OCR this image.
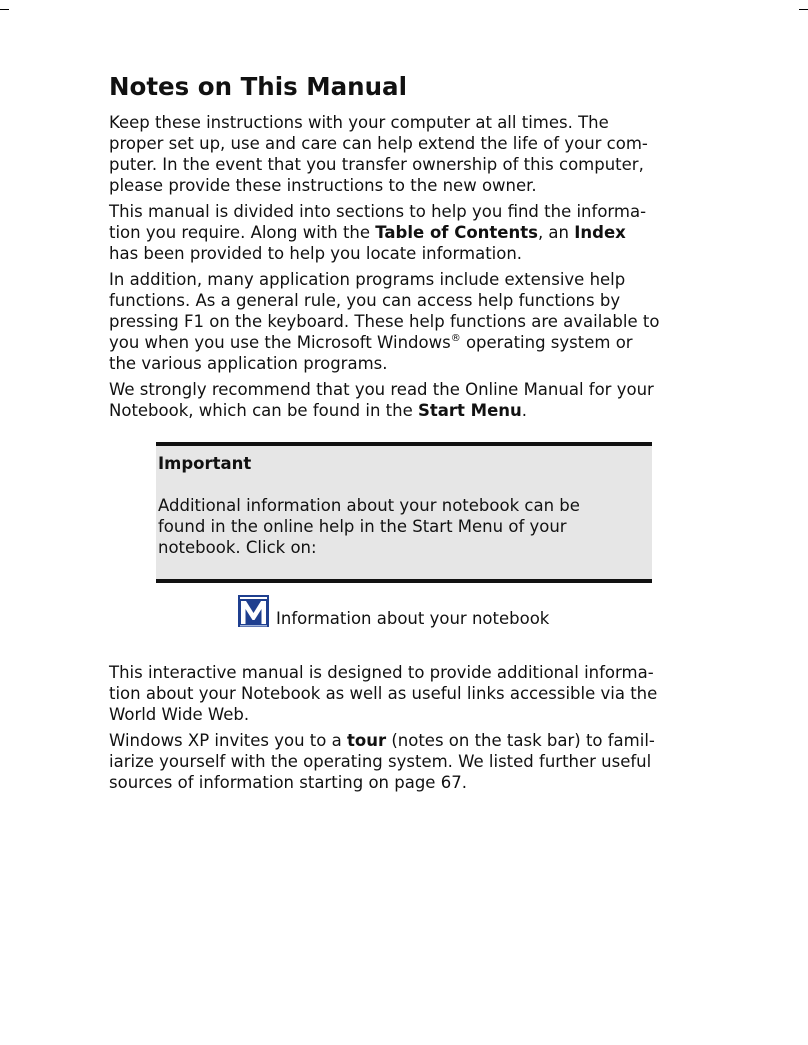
Notes on This Manual

Keep these instructions with your computer at all times. The
proper set up, use and care can help extend the life of your com-
puter. In the event that you transfer ownership of this computer,
please provide these instructions to the new owner.

This manual is divided into sections to help you find the informa-
tion you require. Along with the Table of Contents, an Index
has been provided to help you locate information.

In addition, many application programs include extensive help
functions. As a general rule, you can access help functions by
pressing F1 on the keyboard. These help functions are available to
you when you use the Microsoft Windows® operating system or
the various application programs.

We strongly recommend that you read the Online Manual for your
Notebook, which can be found in the Start Menu.

Important
Additional information about your notebook can be
found in the online help in the Start Menu of your
notebook. Click on:
Information about your notebook

This interactive manual is designed to provide additional informa-
tion about your Notebook as well as useful links accessible via the
World Wide Web.

Windows XP invites you to a tour (notes on the task bar) to famil-
iarize yourself with the operating system. We listed further useful
sources of information starting on page 67.
